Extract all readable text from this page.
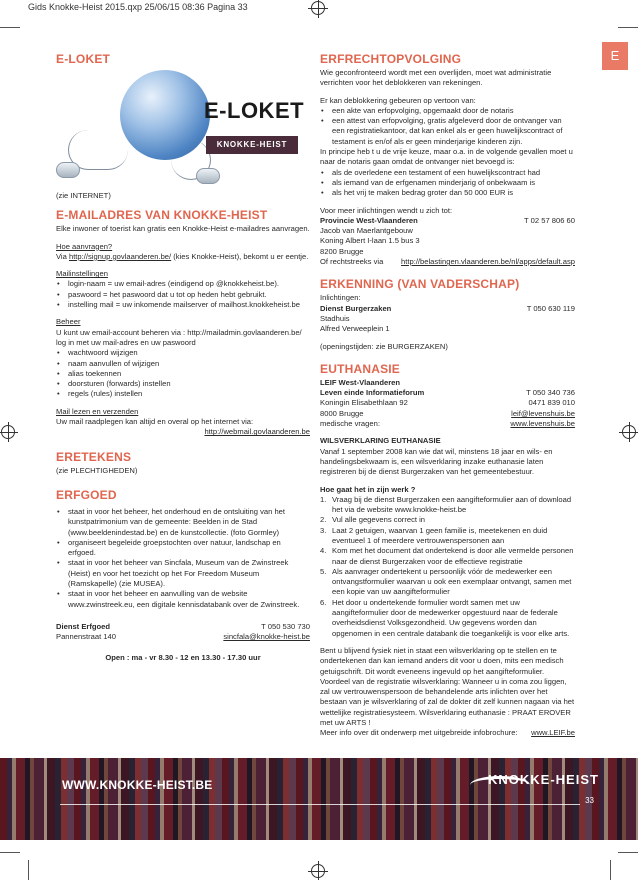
Gids Knokke-Heist 2015.qxp 25/06/15 08:36 Pagina 33
E
E-LOKET
E-LOKET
KNOKKE-HEIST
(zie INTERNET)
E-MAILADRES VAN KNOKKE-HEIST
Elke inwoner of toerist kan gratis een Knokke-Heist e-mailadres aanvragen.
Hoe aanvragen?
Via http://signup.govlaanderen.be/ (kies Knokke-Heist), bekomt u er eentje.
Mailinstellingen
• login-naam = uw email-adres (eindigend op @knokkeheist.be).
• paswoord = het paswoord dat u tot op heden hebt gebruikt.
• instelling mail = uw inkomende mailserver of mailhost.knokkeheist.be
Beheer
U kunt uw email-account beheren via : http://mailadmin.govlaanderen.be/ log in met uw mail-adres en uw paswoord
• wachtwoord wijzigen
• naam aanvullen of wijzigen
• alias toekennen
• doorsturen (forwards) instellen
• regels (rules) instellen
Mail lezen en verzenden
Uw mail raadplegen kan altijd en overal op het internet via:
http://webmail.govlaanderen.be
ERETEKENS
(zie PLECHTIGHEDEN)
ERFGOED
• staat in voor het beheer, het onderhoud en de ontsluiting van het kunstpatrimonium van de gemeente: Beelden in de Stad (www.beeldenindestad.be) en de kunstcollectie. (foto Gormley)
• organiseert begeleide groepstochten over natuur, landschap en erfgoed.
• staat in voor het beheer van Sincfala, Museum van de Zwinstreek (Heist) en voor het toezicht op het For Freedom Museum (Ramskapelle) (zie MUSEA).
• staat in voor het beheer en aanvulling van de website www.zwinstreek.eu, een digitale kennisdatabank over de Zwinstreek.
Dienst Erfgoed	T 050 530 730
Pannenstraat 140	sincfala@knokke-heist.be
Open : ma - vr 8.30 - 12 en 13.30 - 17.30 uur
ERFRECHTOPVOLGING
Wie geconfronteerd wordt met een overlijden, moet wat administratie verrichten voor het deblokkeren van rekeningen.
Er kan deblokkering gebeuren op vertoon van:
• een akte van erfopvolging, opgemaakt door de notaris
• een attest van erfopvolging, gratis afgeleverd door de ontvanger van een registratiekantoor, dat kan enkel als er geen huwelijkscontract of testament is en/of als er geen minderjarige kinderen zijn.
In principe heb t u de vrije keuze, maar o.a. in de volgende gevallen moet u naar de notaris gaan omdat de ontvanger niet bevoegd is:
• als de overledene een testament of een huwelijkscontract had
• als iemand van de erfgenamen minderjarig of onbekwaam is
• als het vrij te maken bedrag groter dan 50 000 EUR is
Voor meer inlichtingen wendt u zich tot:
Provincie West-Vlaanderen	T 02 57 806 60
Jacob van Maerlantgebouw
Koning Albert I-laan 1.5 bus 3
8200 Brugge
Of rechtstreeks via http://belastingen.vlaanderen.be/nl/apps/default.asp
ERKENNING (VAN VADERSCHAP)
Inlichtingen:
Dienst Burgerzaken	T 050 630 119
Stadhuis
Alfred Verweeplein 1
(openingstijden: zie BURGERZAKEN)
EUTHANASIE
LEIF West-Vlaanderen
Leven einde Informatieforum	T 050 340 736
Koningin Elisabethlaan 92	0471 839 010
8000 Brugge	leif@levenshuis.be
medische vragen:	www.levenshuis.be
WILSVERKLARING EUTHANASIE
Vanaf 1 september 2008 kan wie dat wil, minstens 18 jaar en wils- en handelingsbekwaam is, een wilsverklaring inzake euthanasie laten registreren bij de dienst Burgerzaken van het gemeentebestuur.
Hoe gaat het in zijn werk ?
1. Vraag bij de dienst Burgerzaken een aangifteformulier aan of download het via de website www.knokke-heist.be
2. Vul alle gegevens correct in
3. Laat 2 getuigen, waarvan 1 geen familie is, meetekenen en duid eventueel 1 of meerdere vertrouwenspersonen aan
4. Kom met het document dat ondertekend is door alle vermelde personen naar de dienst Burgerzaken voor de effectieve registratie
5. Als aanvrager ondertekent u persoonlijk vóór de medewerker een ontvangstformulier waarvan u ook een exemplaar ontvangt, samen met een kopie van uw aangifteformulier
6. Het door u ondertekende formulier wordt samen met uw aangifteformulier door de medewerker opgestuurd naar de federale overheidsdienst Volksgezondheid. Uw gegevens worden dan opgenomen in een centrale databank die toegankelijk is voor elke arts.
Bent u blijvend fysiek niet in staat een wilsverklaring op te stellen en te ondertekenen dan kan iemand anders dit voor u doen, mits een medisch getuigschrift. Dit wordt eveneens ingevuld op het aangifteformulier. Voordeel van de registratie wilsverklaring: Wanneer u in coma zou liggen, zal uw vertrouwenspersoon de behandelende arts inlichten over het bestaan van je wilsverklaring of zal de dokter dit zelf kunnen nagaan via het wettelijke registratiesysteem. Wilsverklaring euthanasie : PRAAT EROVER met uw ARTS !
Meer info over dit onderwerp met uitgebreide infobrochure: www.LEIF.be
WWW.KNOKKE-HEIST.BE	KNOKKE-HEIST
33
